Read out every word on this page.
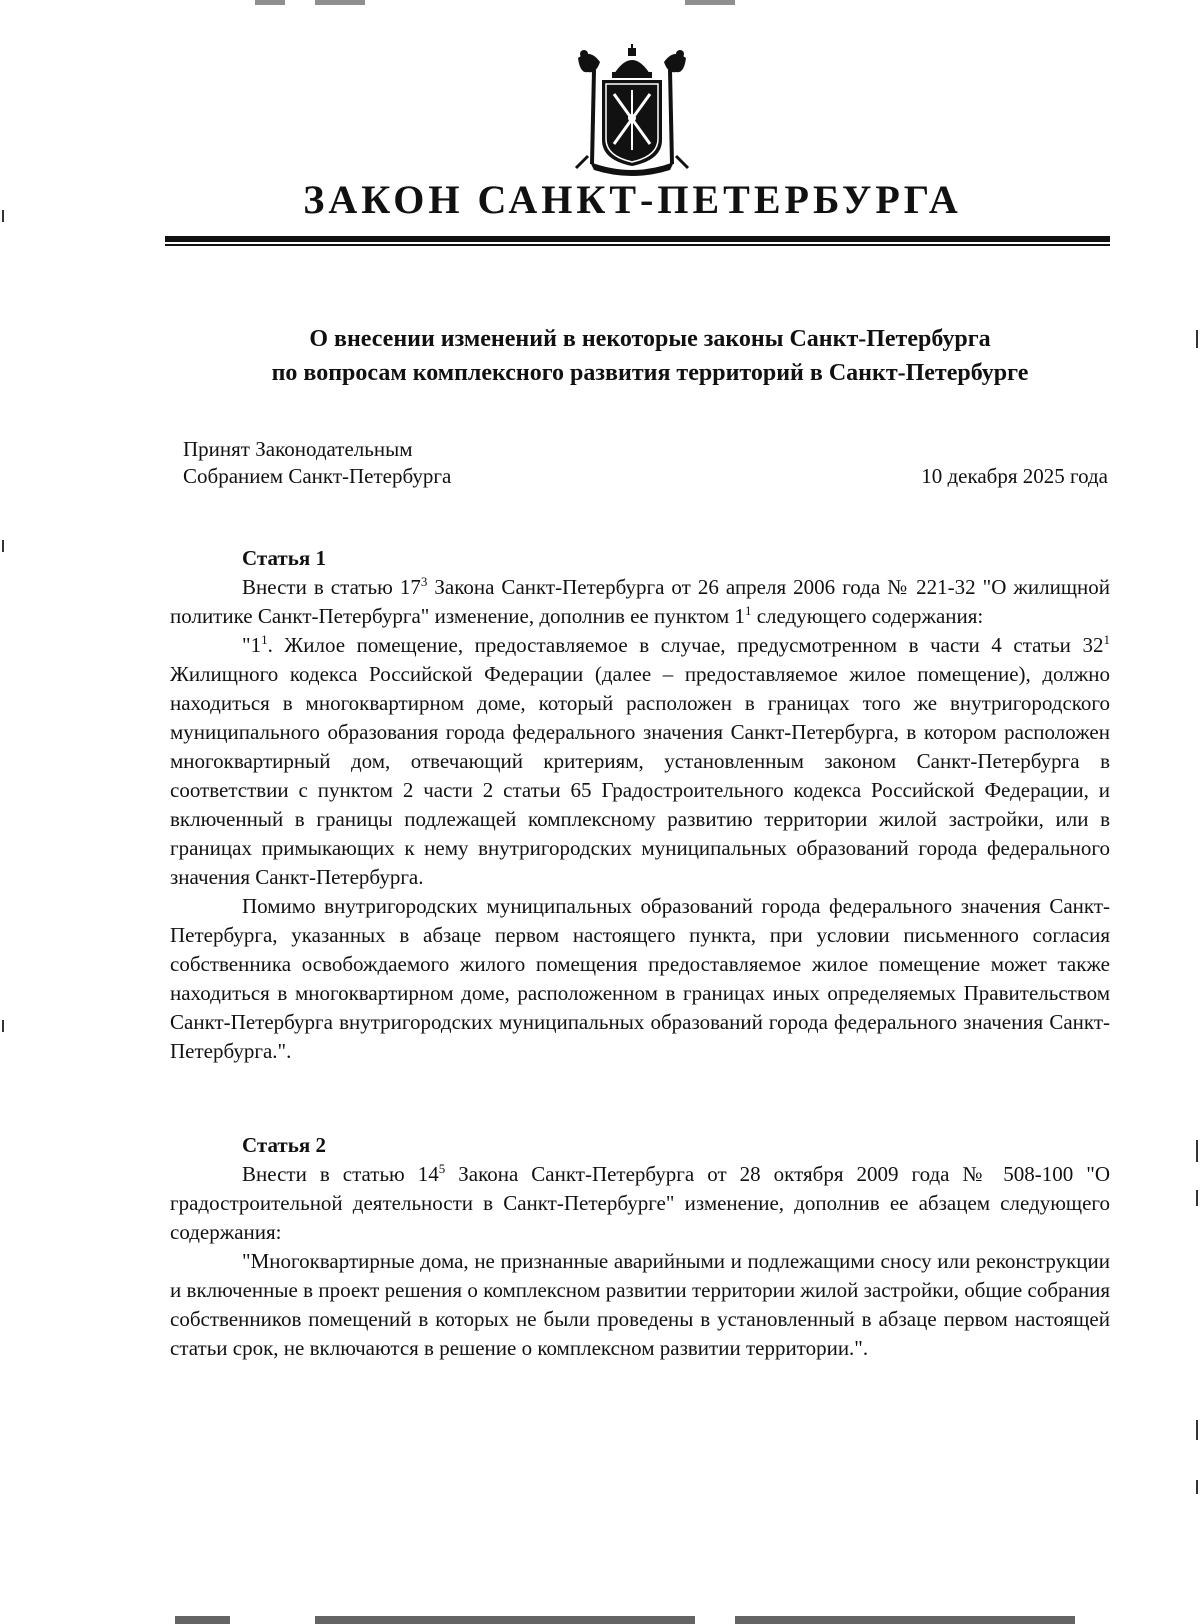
ЗАКОН САНКТ-ПЕТЕРБУРГА
О внесении изменений в некоторые законы Санкт-Петербурга
по вопросам комплексного развития территорий в Санкт-Петербурге
Принят Законодательным
Собранием Санкт-Петербурга	10 декабря 2025 года

Статья 1

Внести в статью $17^3$ Закона Санкт-Петербурга от 26 апреля 2006 года № 221-32 "О жилищной политике Санкт-Петербурга" изменение, дополнив ее пунктом $1^1$ следующего содержания:

"$1^1$. Жилое помещение, предоставляемое в случае, предусмотренном в части 4 статьи $32^1$ Жилищного кодекса Российской Федерации (далее – предоставляемое жилое помещение), должно находиться в многоквартирном доме, который расположен в границах того же внутригородского муниципального образования города федерального значения Санкт-Петербурга, в котором расположен многоквартирный дом, отвечающий критериям, установленным законом Санкт-Петербурга в соответствии с пунктом 2 части 2 статьи 65 Градостроительного кодекса Российской Федерации, и включенный в границы подлежащей комплексному развитию территории жилой застройки, или в границах примыкающих к нему внутригородских муниципальных образований города федерального значения Санкт-Петербурга.

Помимо внутригородских муниципальных образований города федерального значения Санкт-Петербурга, указанных в абзаце первом настоящего пункта, при условии письменного согласия собственника освобождаемого жилого помещения предоставляемое жилое помещение может также находиться в многоквартирном доме, расположенном в границах иных определяемых Правительством Санкт-Петербурга внутригородских муниципальных образований города федерального значения Санкт-Петербурга.".

Статья 2

Внести в статью $14^5$ Закона Санкт-Петербурга от 28 октября 2009 года № 508-100 "О градостроительной деятельности в Санкт-Петербурге" изменение, дополнив ее абзацем следующего содержания:

"Многоквартирные дома, не признанные аварийными и подлежащими сносу или реконструкции и включенные в проект решения о комплексном развитии территории жилой застройки, общие собрания собственников помещений в которых не были проведены в установленный в абзаце первом настоящей статьи срок, не включаются в решение о комплексном развитии территории.".
